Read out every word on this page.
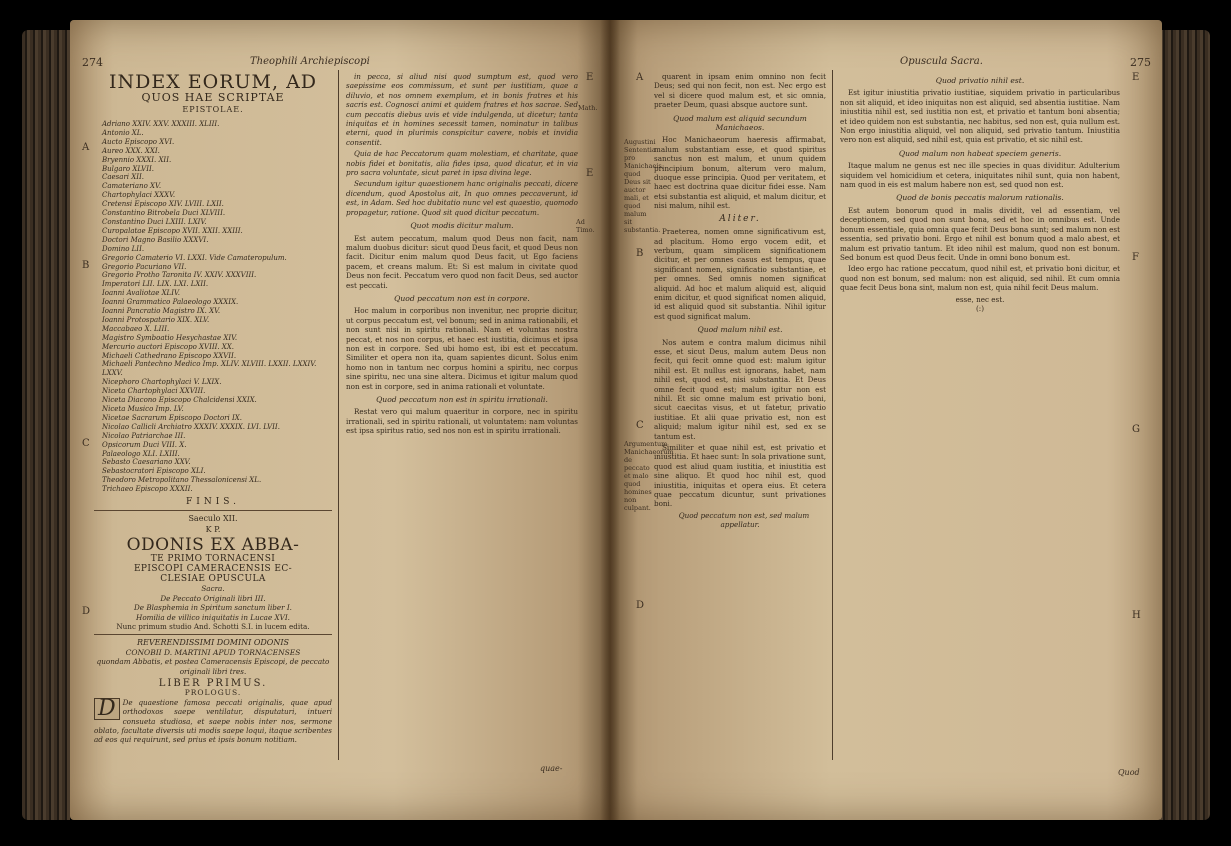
274	Theophili Archiepiscopi
INDEX EORUM, AD
QUOS HAE SCRIPTAE
EPISTOLAE.
Adriano XXIV. XXV. XXXIII. XLIII.
Antonio XL.
Aucto Episcopo XVI.
Aureo XXX. XXI.
Bryennio XXXI. XII.
Bulgaro XLVII.
Caesari XII.
Camateriano XV.
Chartophylaci XXXV.
Cretensi Episcopo XIV. LVIII. LXII.
Constantino Bitrobela Duci XLVIII.
Constantino Duci LXIII. LXIV.
Curopalatae Episcopo XVII. XXII. XXIII.
Doctori Magno Basilio XXXVI.
Domino LII.
Gregorio Camaterio VI. LXXI. Vide Camateropulum.
Gregorio Pacuriano VII.
Gregorio Protho Taronita IV. XXIV. XXXVIII.
Imperatori LII. LIX. LXI. LXII.
Ioanni Avaliotae XLIV.
Ioanni Grammatico Palaeologo XXXIX.
Ioanni Pancratio Magistro IX. XV.
Ioanni Protospatario XIX. XLV.
Maccabaeo X. LIII.
Magistro Symboatio Hesychastae XIV.
Mercurio auctori Episcopo XVIII. XX.
Michaeli Cathedrano Episcopo XXVII.
Michaeli Pantechno Medico Imp. XLIV. XLVIII. LXXII. LXXIV.
LXXV.
Nicephoro Chartophylaci V. LXIX.
Niceta Chartophylaci XXVIII.
Niceta Diacono Episcopo Chalcidensi XXIX.
Niceta Musico Imp. LV.
Nicetae Sacrarum Episcopo Doctori IX.
Nicolao Callicli Archiatro XXXIV. XXXIX. LVI. LVII.
Nicolao Patriarchae III.
Opsicorum Duci VIII. X.
Palaeologo XLI. LXIII.
Sebasto Caesariano XXV.
Sebastocratori Episcopo XLI.
Theodoro Metropolitano Thessalonicensi XL.
Trichaeo Episcopo XXXII.
FINIS.
Saeculo XII.
K P.
ODONIS EX ABBA-
TE PRIMO TORNACENSI
EPISCOPI CAMERACENSIS EC-
CLESIAE OPUSCULA
Sacra.
De Peccato Originali libri III.
De Blasphemia in Spiritum sanctum liber I.
Homilia de villico iniquitatis in Lucae XVI.
Nunc primum studio And. Schotti S.I. in lucem edita.
REVERENDISSIMI DOMINI ODONIS
CONOBII D. MARTINI APUD TORNACENSES
quondam Abbatis, et postea Cameracensis Episcopi, de peccato
originali libri tres.
LIBER PRIMUS.
PROLOGUS.

D De quaestione famosa peccati originalis, quae apud orthodoxos saepe ventilatur, disputaturi, intueri consueta studiosa, et saepe nobis inter nos, sermone oblato, facultate diversis uti modis saepe loqui, itaque scribentes ad eos qui requirunt, sed prius et ipsis bonum notitiam.

in pecca, si aliud nisi quod sumptum est, quod vero saepissime eos commissum, et sunt per iustitiam, quae a diluvio, et nos omnem exemplum, et in bonis fratres et his sacris est. Cognosci animi et quidem fratres et hos sacrae. Sed cum peccatis diebus uvis et vide indulgenda, ut dicetur; tanta iniquitas et in homines secessit tamen, nominatur in talibus eterni, quod in plurimis conspicitur cavere, nobis et invidia consentit.

Quia de hac Peccatorum quam molestiam, et charitate, quae nobis fidei et bonitatis, alia fides ipsa, quod dicatur, et in via pro sacra voluntate, sicut paret in ipsa divina lege.

Secundum igitur quaestionem hanc originalis peccati, dicere dicendum, quod Apostolus ait, In quo omnes peccaverunt, id est, in Adam. Sed hoc dubitatio nunc vel est quaestio, quomodo propagetur, ratione. Quod sit quod dicitur peccatum.

Quot modis dicitur malum.

Est autem peccatum, malum quod Deus non facit, nam malum duobus dicitur: sicut quod Deus facit, et quod Deus non facit. Dicitur enim malum quod Deus facit, ut Ego faciens pacem, et creans malum. Et: Si est malum in civitate quod Deus non fecit. Peccatum vero quod non facit Deus, sed auctor est peccati.

Quod peccatum non est in corpore.

Hoc malum in corporibus non invenitur, nec proprie dicitur, ut corpus peccatum est, vel bonum; sed in anima rationabili, et non sunt nisi in spiritu rationali. Nam et voluntas nostra peccat, et nos non corpus, et haec est iustitia, dicimus et ipsa non est in corpore. Sed ubi homo est, ibi est et peccatum. Similiter et opera non ita, quam sapientes dicunt. Solus enim homo non in tantum nec corpus homini a spiritu, nec corpus sine spiritu, nec una sine altera. Dicimus et igitur malum quod non est in corpore, sed in anima rationali et voluntate.

Quod peccatum non est in spiritu irrationali.

Restat vero qui malum quaeritur in corpore, nec in spiritu irrationali, sed in spiritu rationali, ut voluntatem: nam voluntas est ipsa spiritus ratio, sed nos non est in spiritu irrationali.

quae-
A
B
C
D
E
E
Math.
Ad Timo.
Opuscula Sacra.	275
Augustini Sententia pro Manichaeis, quod Deus sit auctor mali, et quod malum sit substantia.
Argumentum Manichaeorum de peccato et malo quod homines non culpant.

quarent in ipsam enim omnino non fecit Deus; sed qui non fecit, non est. Nec ergo est vel si dicere quod malum est, et sic omnia, praeter Deum, quasi absque auctore sunt.

Quod malum est aliquid secundum Manichaeos.

Hoc Manichaeorum haeresis affirmabat, malum substantiam esse, et quod spiritus sanctus non est malum, et unum quidem principium bonum, alterum vero malum, duoque esse principia. Quod per veritatem, et haec est doctrina quae dicitur fidei esse. Nam etsi substantia est aliquid, et malum dicitur, et nisi malum, nihil est.

Aliter.

Praeterea, nomen omne significativum est, ad placitum. Homo ergo vocem edit, et verbum, quam simplicem significationem dicitur, et per omnes casus est tempus, quae significant nomen, significatio substantiae, et per omnes. Sed omnis nomen significat aliquid. Ad hoc et malum aliquid est, aliquid enim dicitur, et quod significat nomen aliquid, id est aliquid quod sit substantia. Nihil igitur est quod significat malum.

Quod malum nihil est.

Nos autem e contra malum dicimus nihil esse, et sicut Deus, malum autem Deus non fecit, qui fecit omne quod est: malum igitur nihil est. Et nullus est ignorans, habet, nam nihil est, quod est, nisi substantia. Et Deus omne fecit quod est; malum igitur non est nihil. Et sic omne malum est privatio boni, sicut caecitas visus, et ut fatetur, privatio iustitiae. Et alii quae privatio est, non est aliquid; malum igitur nihil est, sed ex se tantum est.

Similiter et quae nihil est, est privatio et iniustitia. Et haec sunt: In sola privatione sunt, quod est aliud quam iustitia, et iniustitia est sine aliquo. Et quod hoc nihil est, quod iniustitia, iniquitas et opera eius. Et cetera quae peccatum dicuntur, sunt privationes boni.

Quod peccatum non est, sed malum appellatur.

Quod privatio nihil est.

Est igitur iniustitia privatio iustitiae, siquidem privatio in particularibus non sit aliquid, et ideo iniquitas non est aliquid, sed absentia iustitiae. Nam iniustitia nihil est, sed iustitia non est, et privatio et tantum boni absentia; et ideo quidem non est substantia, nec habitus, sed non est, quia nullum est. Non ergo iniustitia aliquid, vel non aliquid, sed privatio tantum. Iniustitia vero non est aliquid, sed nihil est, quia est privatio, et sic nihil est.

Quod malum non habeat speciem generis.

Itaque malum ne genus est nec ille species in quas dividitur. Adulterium siquidem vel homicidium et cetera, iniquitates nihil sunt, quia non habent, nam quod in eis est malum habere non est, sed quod non est.

Quod de bonis peccatis malorum rationalis.

Est autem bonorum quod in malis dividit, vel ad essentiam, vel deceptionem, sed quod non sunt bona, sed et hoc in omnibus est. Unde bonum essentiale, quia omnia quae fecit Deus bona sunt; sed malum non est essentia, sed privatio boni. Ergo et nihil est bonum quod a malo abest, et malum est privatio tantum. Et ideo nihil est malum, quod non est bonum. Sed bonum est quod Deus fecit. Unde in omni bono bonum est.

Ideo ergo hac ratione peccatum, quod nihil est, et privatio boni dicitur, et quod non est bonum, sed malum: non est aliquid, sed nihil. Et cum omnia quae fecit Deus bona sint, malum non est, quia nihil fecit Deus malum.

esse, nec est.
(:)
Quod
A
B
C
D
E
F
G
H
